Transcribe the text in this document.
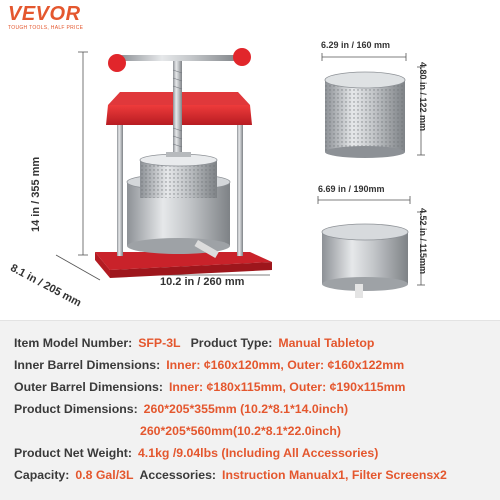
VEVOR
TOUGH TOOLS, HALF PRICE
14 in / 355 mm
10.2 in / 260 mm
8.1 in / 205 mm
6.29 in / 160 mm
4.80 in / 122 mm
6.69 in / 190mm
4.52 in / 115mm
Item Model Number: SFP-3L Product Type: Manual Tabletop
Inner Barrel Dimensions: Inner: ¢160x120mm, Outer: ¢160x122mm
Outer Barrel Dimensions: Inner: ¢180x115mm, Outer: ¢190x115mm
Product Dimensions: 260*205*355mm (10.2*8.1*14.0inch)
260*205*560mm(10.2*8.1*22.0inch)
Product Net Weight: 4.1kg /9.04lbs (Including All Accessories)
Capacity: 0.8 Gal/3L Accessories: Instruction Manualx1, Filter Screensx2
